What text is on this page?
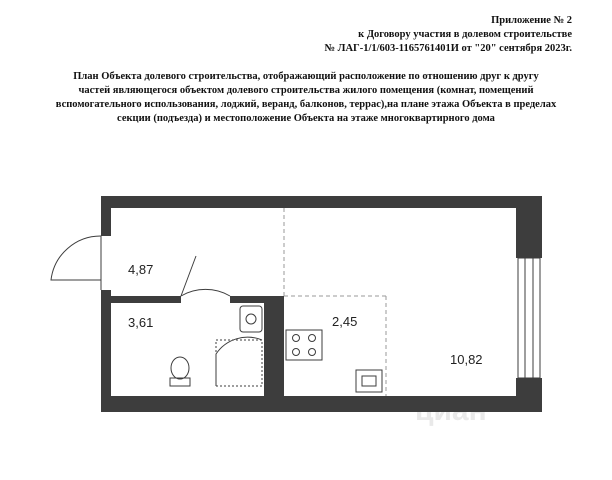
Приложение № 2
к Договору участия в долевом строительстве
№ ЛАГ-1/1/603-1165761401И от "20" сентября 2023г.
План Объекта долевого строительства, отображающий расположение по отношению друг к другу
частей являющегося объектом долевого строительства жилого помещения (комнат, помещений
вспомогательного использования, лоджий, веранд, балконов, террас),на плане этажа Объекта в пределах
секции (подъезда) и местоположение Объекта на этаже многоквартирного дома
4,87
3,61	2,45
10,82
